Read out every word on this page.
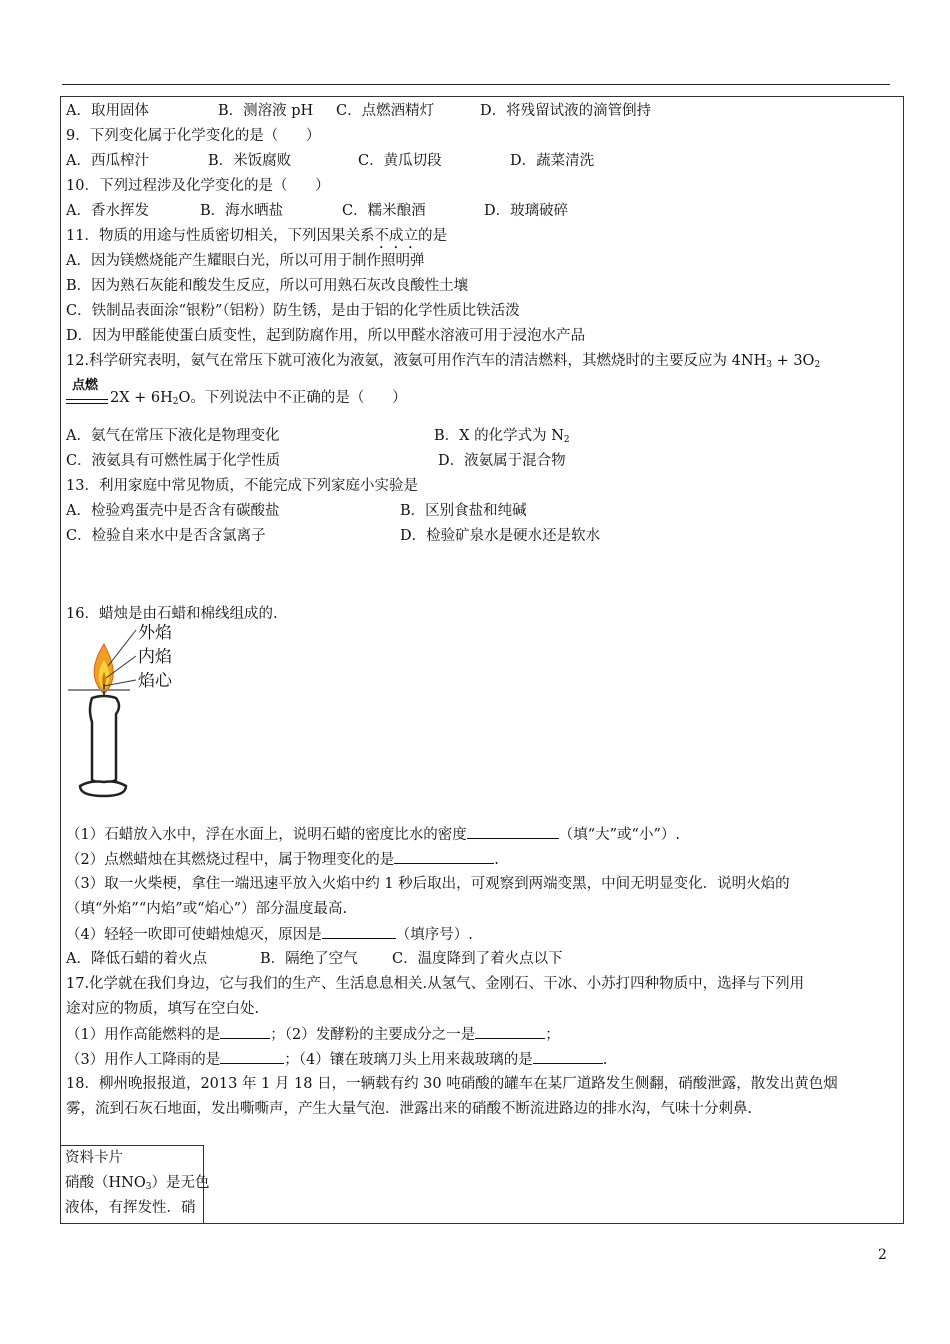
A．取用固体	B．测溶液 pH C．点燃酒精灯	D．将残留试液的滴管倒持
9．下列变化属于化学变化的是（      ）
A．西瓜榨汁	B．米饭腐败	C．黄瓜切段	D．蔬菜清洗
10．下列过程涉及化学变化的是（      ）
A．香水挥发	B．海水晒盐	C．糯米酿酒	D．玻璃破碎
11．物质的用途与性质密切相关，下列因果关系不成立的是
A．因为镁燃烧能产生耀眼白光，所以可用于制作照明弹
B．因为熟石灰能和酸发生反应，所以可用熟石灰改良酸性土壤
C．铁制品表面涂“银粉”（铝粉）防生锈，是由于铝的化学性质比铁活泼
D．因为甲醛能使蛋白质变性，起到防腐作用，所以甲醛水溶液可用于浸泡水产品
12.科学研究表明，氨气在常压下就可液化为液氨，液氨可用作汽车的清洁燃料，其燃烧时的主要反应为 $4NH_3 + 3O_2$
点燃
$2X + 6H_2O$。下列说法中不正确的是（      ）
A．氨气在常压下液化是物理变化	B．X 的化学式为 $N_2$
C．液氨具有可燃性属于化学性质	D．液氨属于混合物
13．利用家庭中常见物质，不能完成下列家庭小实验是
A．检验鸡蛋壳中是否含有碳酸盐	B．区别食盐和纯碱
C．检验自来水中是否含氯离子	D．检验矿泉水是硬水还是软水
16．蜡烛是由石蜡和棉线组成的.
外焰
内焰
焰心
（1）石蜡放入水中，浮在水面上，说明石蜡的密度比水的密度	（填“大”或“小”）.
（2）点燃蜡烛在其燃烧过程中，属于物理变化的是	.
（3）取一火柴梗，拿住一端迅速平放入火焰中约 1 秒后取出，可观察到两端变黑，中间无明显变化．说明火焰的
（填“外焰”“内焰”或“焰心”）部分温度最高.
（4）轻轻一吹即可使蜡烛熄灭，原因是	（填序号）.
A．降低石蜡的着火点	B．隔绝了空气 C．温度降到了着火点以下
17.化学就在我们身边，它与我们的生产、生活息息相关.从氢气、金刚石、干冰、小苏打四种物质中，选择与下列用
途对应的物质，填写在空白处.
（1）用作高能燃料的是	；（2）发酵粉的主要成分之一是	；
（3）用作人工降雨的是	；（4）镶在玻璃刀头上用来裁玻璃的是	.
18．柳州晚报报道，2013 年 1 月 18 日，一辆载有约 30 吨硝酸的罐车在某厂道路发生侧翻，硝酸泄露，散发出黄色烟
雾，流到石灰石地面，发出嘶嘶声，产生大量气泡．泄露出来的硝酸不断流进路边的排水沟，气味十分刺鼻.
资料卡片
硝酸$(HNO_3)$是无色
液体，有挥发性．硝
2
